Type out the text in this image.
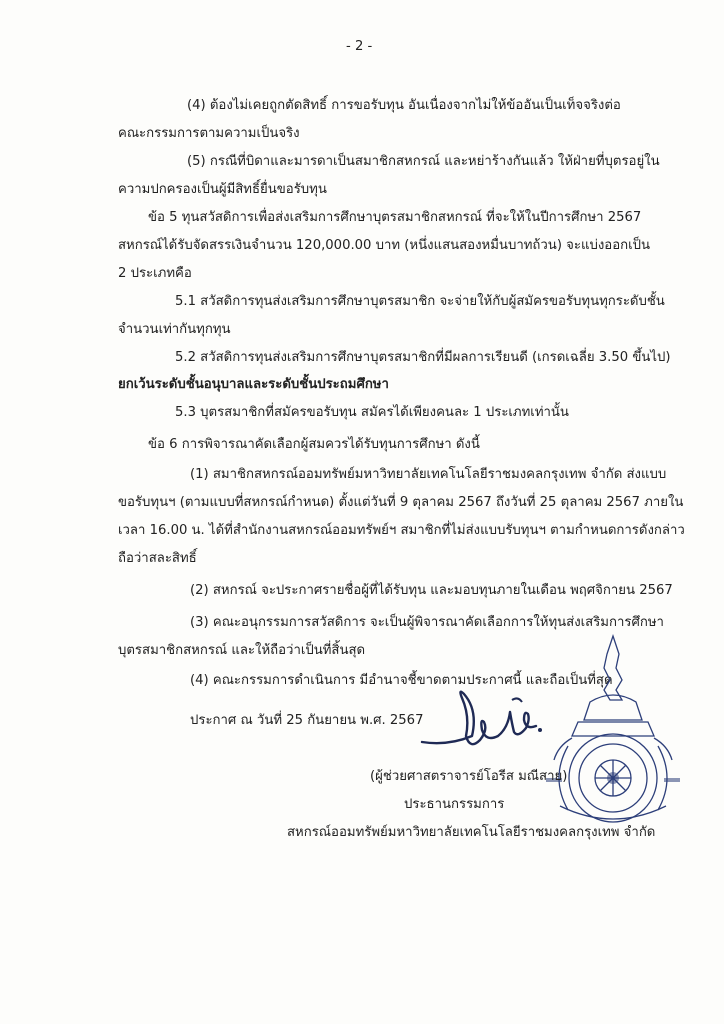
- 2 -
(4) ต้องไม่เคยถูกตัดสิทธิ์ การขอรับทุน อันเนื่องจากไม่ให้ข้ออันเป็นเท็จจริงต่อ
คณะกรรมการตามความเป็นจริง
(5) กรณีที่บิดาและมารดาเป็นสมาชิกสหกรณ์ และหย่าร้างกันแล้ว ให้ฝ่ายที่บุตรอยู่ใน
ความปกครองเป็นผู้มีสิทธิ์ยื่นขอรับทุน
ข้อ 5 ทุนสวัสดิการเพื่อส่งเสริมการศึกษาบุตรสมาชิกสหกรณ์ ที่จะให้ในปีการศึกษา 2567
สหกรณ์ได้รับจัดสรรเงินจำนวน 120,000.00 บาท (หนึ่งแสนสองหมื่นบาทถ้วน) จะแบ่งออกเป็น
2 ประเภทคือ
5.1 สวัสดิการทุนส่งเสริมการศึกษาบุตรสมาชิก จะจ่ายให้กับผู้สมัครขอรับทุนทุกระดับชั้น
จำนวนเท่ากันทุกทุน
5.2 สวัสดิการทุนส่งเสริมการศึกษาบุตรสมาชิกที่มีผลการเรียนดี (เกรดเฉลี่ย 3.50 ขึ้นไป)
ยกเว้นระดับชั้นอนุบาลและระดับชั้นประถมศึกษา
5.3 บุตรสมาชิกที่สมัครขอรับทุน สมัครได้เพียงคนละ 1 ประเภทเท่านั้น
ข้อ 6 การพิจารณาคัดเลือกผู้สมควรได้รับทุนการศึกษา ดังนี้
(1) สมาชิกสหกรณ์ออมทรัพย์มหาวิทยาลัยเทคโนโลยีราชมงคลกรุงเทพ จำกัด ส่งแบบ
ขอรับทุนฯ (ตามแบบที่สหกรณ์กำหนด) ตั้งแต่วันที่ 9 ตุลาคม 2567 ถึงวันที่ 25 ตุลาคม 2567 ภายใน
เวลา 16.00 น. ได้ที่สำนักงานสหกรณ์ออมทรัพย์ฯ สมาชิกที่ไม่ส่งแบบรับทุนฯ ตามกำหนดการดังกล่าว
ถือว่าสละสิทธิ์
(2) สหกรณ์ จะประกาศรายชื่อผู้ที่ได้รับทุน และมอบทุนภายในเดือน พฤศจิกายน 2567
(3) คณะอนุกรรมการสวัสดิการ จะเป็นผู้พิจารณาคัดเลือกการให้ทุนส่งเสริมการศึกษา
บุตรสมาชิกสหกรณ์ และให้ถือว่าเป็นที่สิ้นสุด
(4) คณะกรรมการดำเนินการ มีอำนาจชี้ขาดตามประกาศนี้ และถือเป็นที่สุด
ประกาศ ณ วันที่ 25 กันยายน พ.ศ. 2567
(ผู้ช่วยศาสตราจารย์โอรีส มณีสาย)
ประธานกรรมการ
สหกรณ์ออมทรัพย์มหาวิทยาลัยเทคโนโลยีราชมงคลกรุงเทพ จำกัด
